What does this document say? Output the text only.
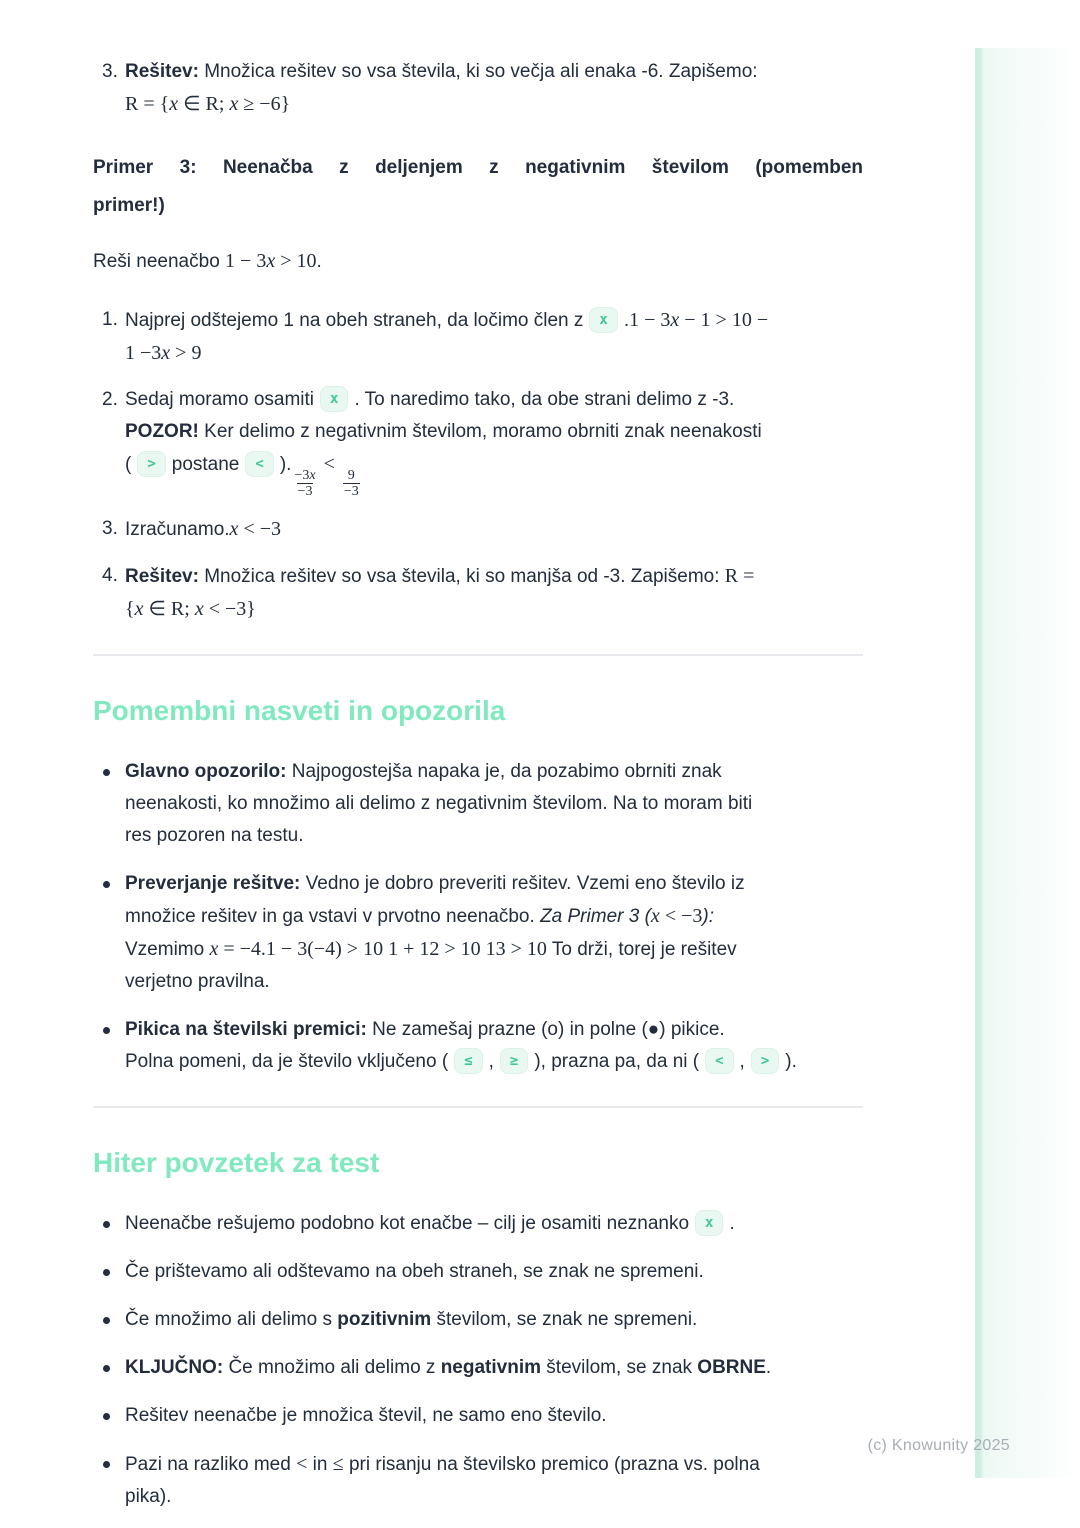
3. Rešitev: Množica rešitev so vsa števila, ki so večja ali enaka -6. Zapišemo:
R = {x ∈ R; x ≥ −6}
Primer 3: Neenačba z deljenjem z negativnim številom (pomemben
primer!)
Reši neenačbo 1 − 3x > 10.
1. Najprej odštejemo 1 na obeh straneh, da ločimo člen z x .1 − 3x − 1 > 10 −
1 −3x > 9
2. Sedaj moramo osamiti x . To naredimo tako, da obe strani delimo z -3.
POZOR! Ker delimo z negativnim številom, moramo obrniti znak neenakosti
( > postane < ).
$\frac{-3x}{-3}$
<
$\frac{9}{-3}$
3. Izračunamo.x < −3
4. Rešitev: Množica rešitev so vsa števila, ki so manjša od -3. Zapišemo: R =
{x ∈ R; x < −3}
Pomembni nasveti in opozorila
Glavno opozorilo: Najpogostejša napaka je, da pozabimo obrniti znak
neenakosti, ko množimo ali delimo z negativnim številom. Na to moram biti
res pozoren na testu.
Preverjanje rešitve: Vedno je dobro preveriti rešitev. Vzemi eno število iz
množice rešitev in ga vstavi v prvotno neenačbo. Za Primer 3 (x < −3):
Vzemimo x = −4.1 − 3(−4) > 10 1 + 12 > 10 13 > 10 To drži, torej je rešitev
verjetno pravilna.
Pikica na številski premici: Ne zamešaj prazne (o) in polne (●) pikice.
Polna pomeni, da je število vključeno ( ≤ , ≥ ), prazna pa, da ni ( < , > ).
Hiter povzetek za test
Neenačbe rešujemo podobno kot enačbe – cilj je osamiti neznanko x .
Če prištevamo ali odštevamo na obeh straneh, se znak ne spremeni.
Če množimo ali delimo s pozitivnim številom, se znak ne spremeni.
KLJUČNO: Če množimo ali delimo z negativnim številom, se znak OBRNE.
Rešitev neenačbe je množica števil, ne samo eno število.
Pazi na razliko med < in ≤ pri risanju na številsko premico (prazna vs. polna
pika).
(c) Knowunity 2025
